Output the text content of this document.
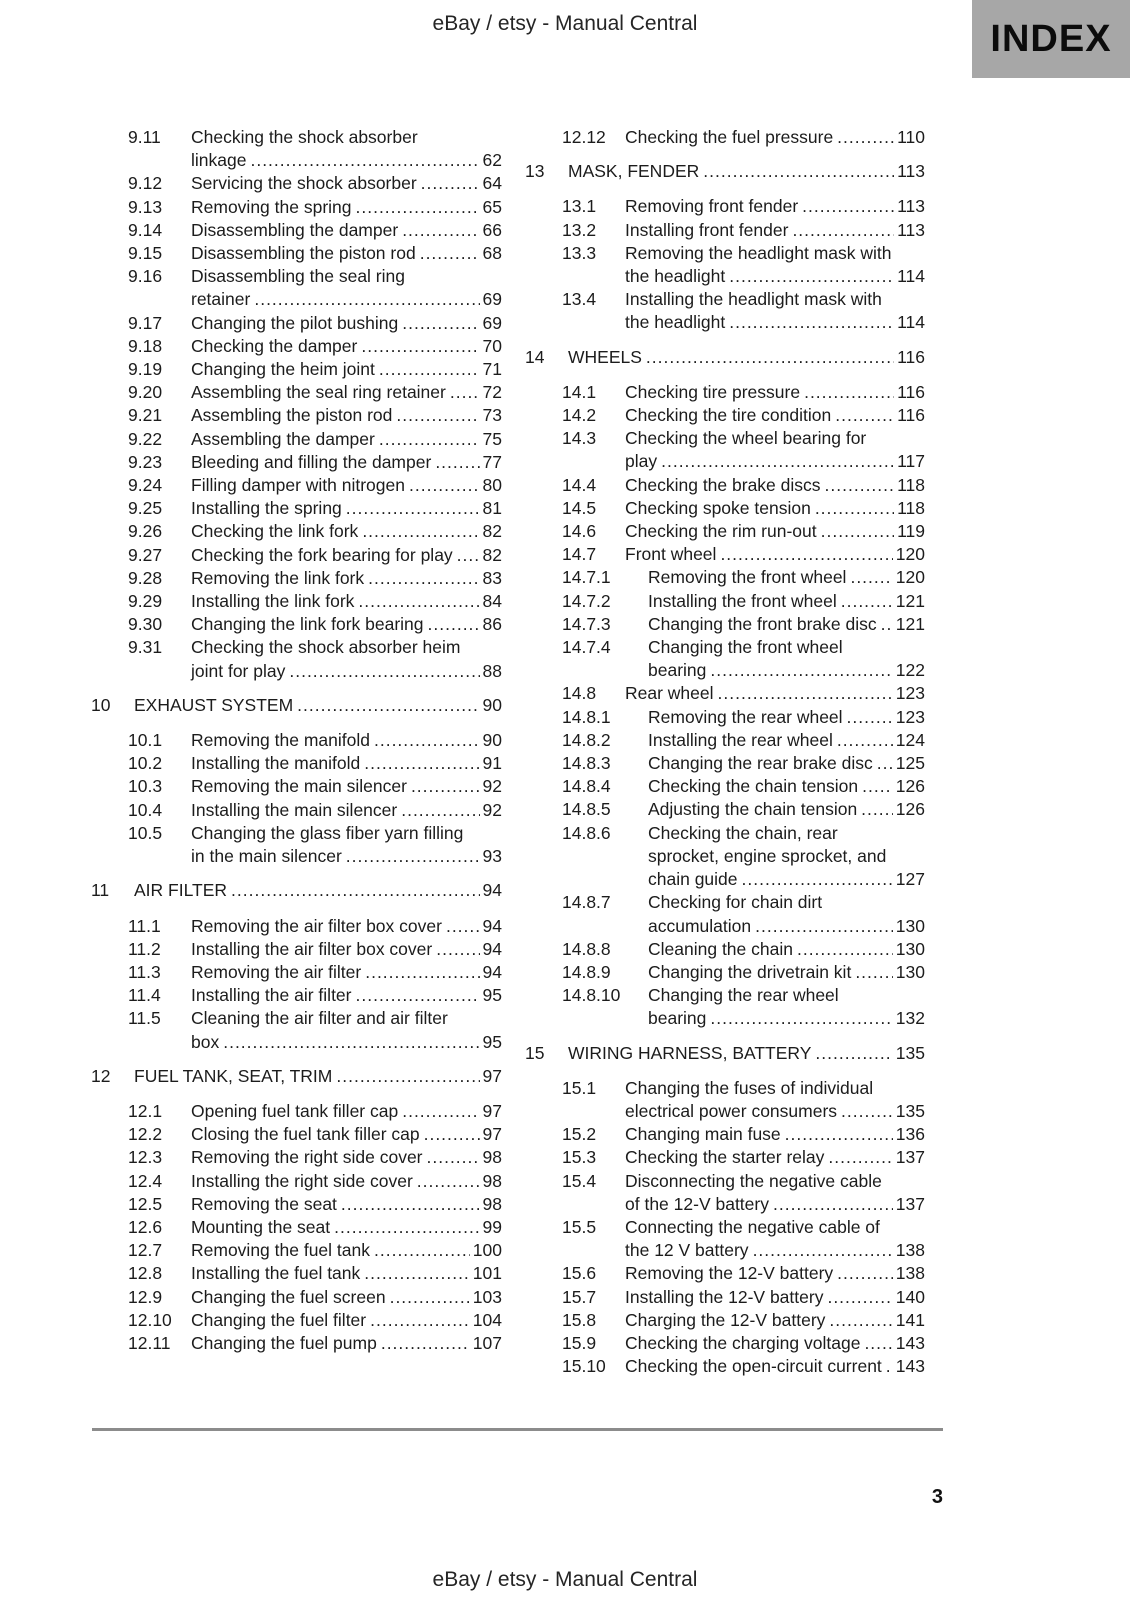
eBay / etsy - Manual Central	INDEX
9.11	Checking the shock absorber
linkage .....	62
9.12	Servicing the shock absorber .....	64
9.13	Removing the spring .....	65
9.14	Disassembling the damper .....	66
9.15	Disassembling the piston rod .....	68
9.16	Disassembling the seal ring
retainer .....	69
9.17	Changing the pilot bushing .....	69
9.18	Checking the damper .....	70
9.19	Changing the heim joint .....	71
9.20	Assembling the seal ring retainer ..... 72
9.21	Assembling the piston rod .....	73
9.22	Assembling the damper .....	75
9.23	Bleeding and filling the damper .....	77
9.24	Filling damper with nitrogen .....	80
9.25	Installing the spring .....	81
9.26	Checking the link fork .....	82
9.27	Checking the fork bearing for play ..... 82
9.28	Removing the link fork .....	83
9.29	Installing the link fork .....	84
9.30	Changing the link fork bearing .....	86
9.31	Checking the shock absorber heim
joint for play .....	88
10	EXHAUST SYSTEM .....	90
10.1	Removing the manifold .....	90
10.2	Installing the manifold .....	91
10.3	Removing the main silencer .....	92
10.4	Installing the main silencer .....	92
10.5	Changing the glass fiber yarn filling
in the main silencer .....	93
11	AIR FILTER .....	94
11.1	Removing the air filter box cover ..... 94
11.2	Installing the air filter box cover .....	94
11.3	Removing the air filter .....	94
11.4	Installing the air filter .....	95
11.5	Cleaning the air filter and air filter
box .....	95
12	FUEL TANK, SEAT, TRIM .....	97
12.1	Opening fuel tank filler cap .....	97
12.2	Closing the fuel tank filler cap .....	97
12.3	Removing the right side cover .....	98
12.4	Installing the right side cover .....	98
12.5	Removing the seat .....	98
12.6	Mounting the seat .....	99
12.7	Removing the fuel tank .....	100
12.8	Installing the fuel tank .....	101
12.9	Changing the fuel screen .....	103
12.10	Changing the fuel filter .....	104
12.11	Changing the fuel pump .....	107
12.12	Checking the fuel pressure .....	110
13	MASK, FENDER .....	113
13.1	Removing front fender .....	113
13.2	Installing front fender .....	113
13.3	Removing the headlight mask with
the headlight .....	114
13.4	Installing the headlight mask with
the headlight .....	114
14	WHEELS .....	116
14.1	Checking tire pressure .....	116
14.2	Checking the tire condition .....	116
14.3	Checking the wheel bearing for
play .....	117
14.4	Checking the brake discs .....	118
14.5	Checking spoke tension .....	118
14.6	Checking the rim run-out .....	119
14.7	Front wheel .....	120
14.7.1	Removing the front wheel .....	120
14.7.2	Installing the front wheel .....	121
14.7.3	Changing the front brake disc ..... 121
14.7.4	Changing the front wheel
bearing .....	122
14.8	Rear wheel .....	123
14.8.1	Removing the rear wheel .....	123
14.8.2	Installing the rear wheel .....	124
14.8.3	Changing the rear brake disc ..... 125
14.8.4	Checking the chain tension ..... 126
14.8.5	Adjusting the chain tension ..... 126
14.8.6	Checking the chain, rear
sprocket, engine sprocket, and
chain guide .....	127
14.8.7	Checking for chain dirt
accumulation .....	130
14.8.8	Cleaning the chain .....	130
14.8.9	Changing the drivetrain kit .....	130
14.8.10	Changing the rear wheel
bearing .....	132
15	WIRING HARNESS, BATTERY .....	135
15.1	Changing the fuses of individual
electrical power consumers .....	135
15.2	Changing main fuse .....	136
15.3	Checking the starter relay .....	137
15.4	Disconnecting the negative cable
of the 12-V battery .....	137
15.5	Connecting the negative cable of
the 12 V battery .....	138
15.6	Removing the 12-V battery .....	138
15.7	Installing the 12-V battery .....	140
15.8	Charging the 12-V battery .....	141
15.9	Checking the charging voltage ..... 143
15.10	Checking the open-circuit current ..... 143
3
eBay / etsy - Manual Central
